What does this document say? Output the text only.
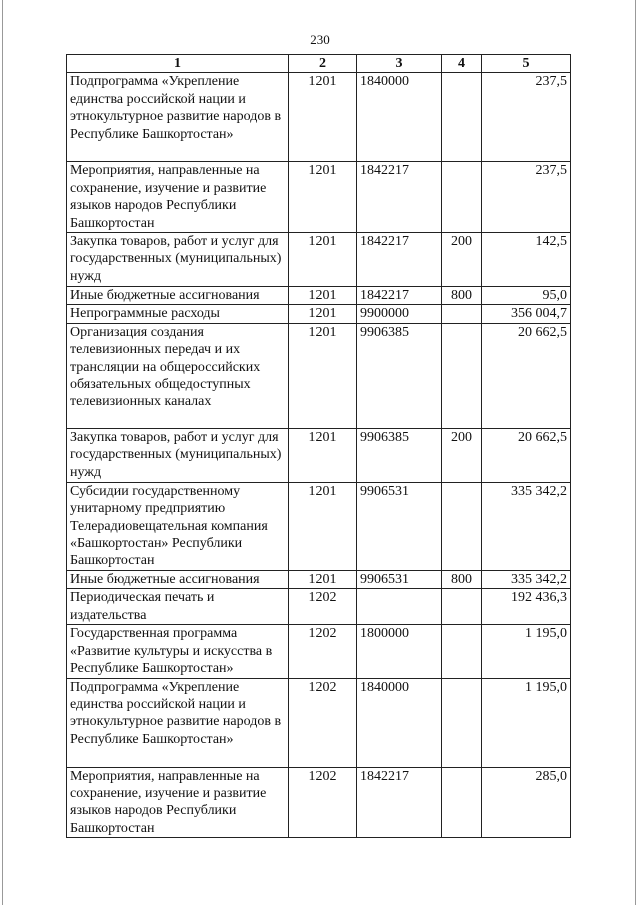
230
1	2	3	4	5
Подпрограмма «Укрепление единства российской нации и этнокультурное развитие народов в Республике Башкортостан»	1201	1840000		237,5
Мероприятия, направленные на сохранение, изучение и развитие языков народов Республики Башкортостан	1201	1842217		237,5
Закупка товаров, работ и услуг для государственных (муниципальных) нужд	1201	1842217	200	142,5
Иные бюджетные ассигнования	1201	1842217	800	95,0
Непрограммные расходы	1201	9900000		356 004,7
Организация создания телевизионных передач и их трансляции на общероссийских обязательных общедоступных телевизионных каналах	1201	9906385		20 662,5
Закупка товаров, работ и услуг для государственных (муниципальных) нужд	1201	9906385	200	20 662,5
Субсидии государственному унитарному предприятию Телерадиовещательная компания «Башкортостан» Республики Башкортостан	1201	9906531		335 342,2
Иные бюджетные ассигнования	1201	9906531	800	335 342,2
Периодическая печать и издательства	1202			192 436,3
Государственная программа «Развитие культуры и искусства в Республике Башкортостан»	1202	1800000		1 195,0
Подпрограмма «Укрепление единства российской нации и этнокультурное развитие народов в Республике Башкортостан»	1202	1840000		1 195,0
Мероприятия, направленные на сохранение, изучение и развитие языков народов Республики Башкортостан	1202	1842217		285,0
